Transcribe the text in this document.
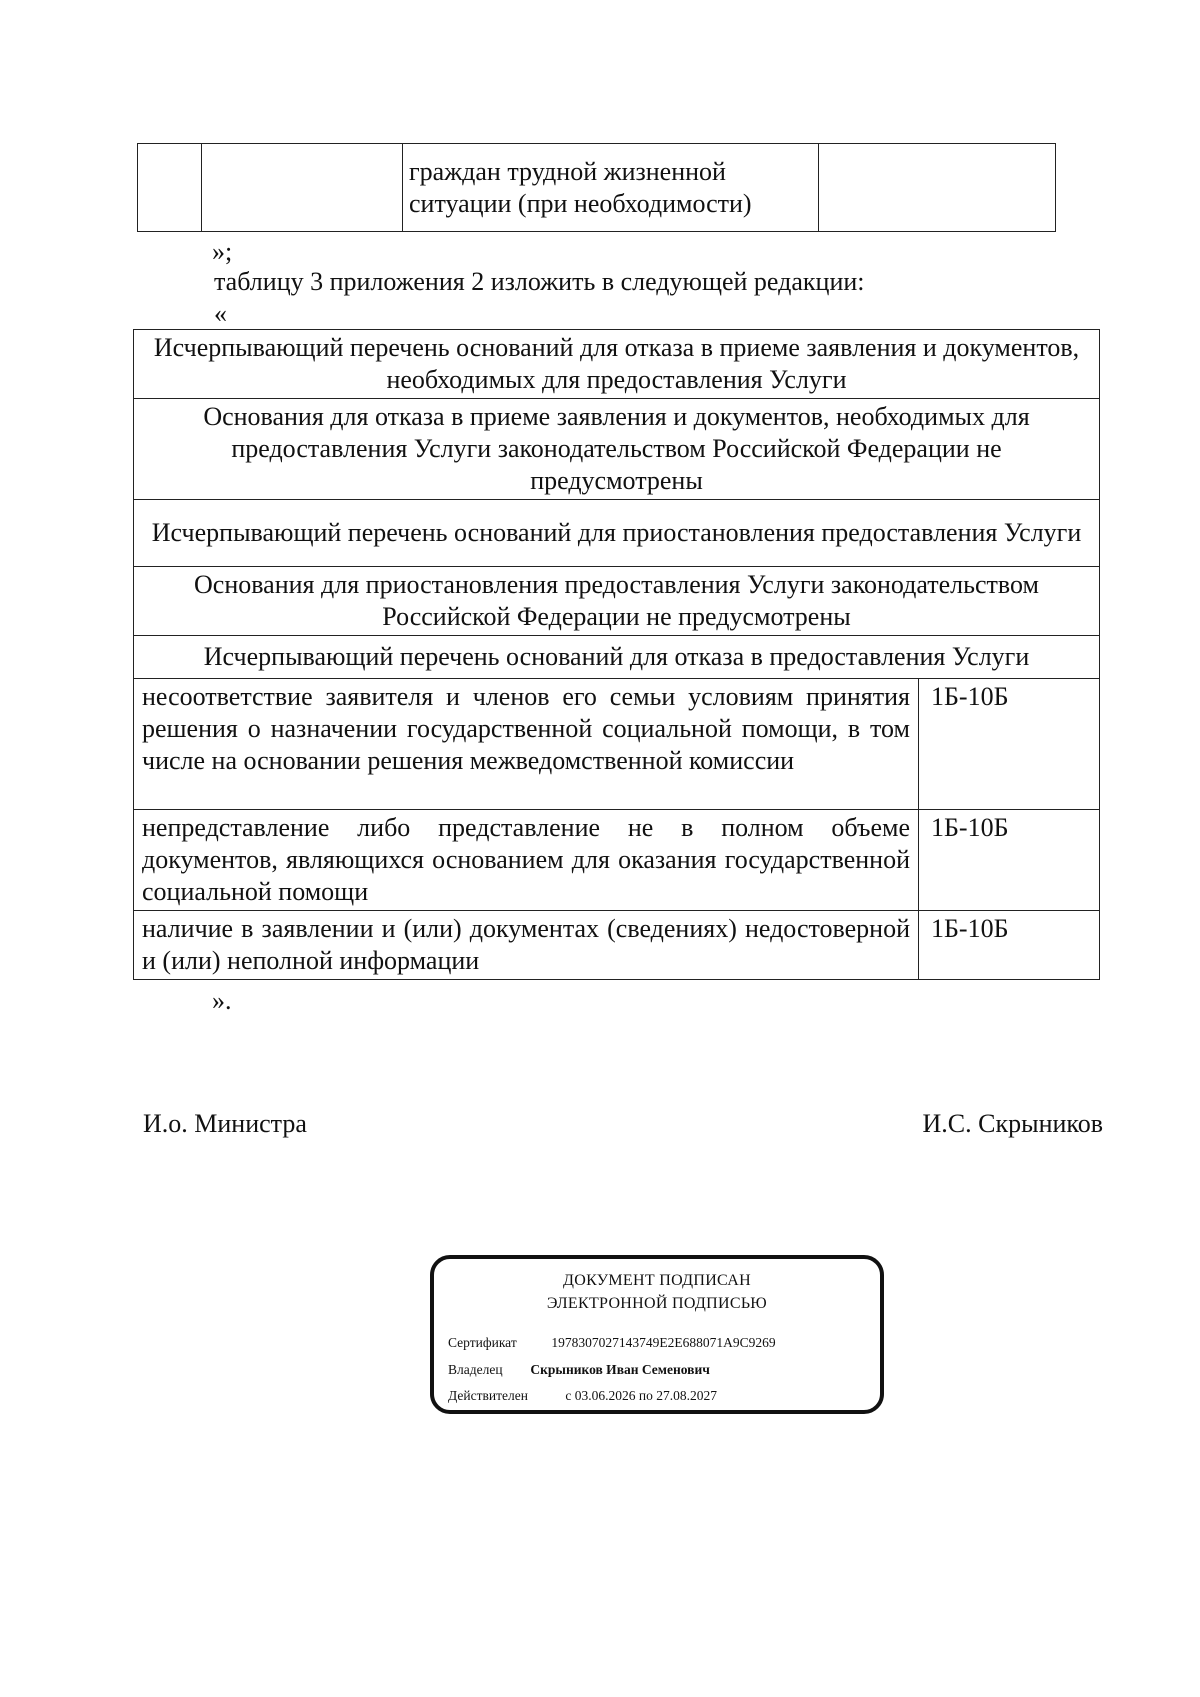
граждан трудной жизненной
ситуации (при необходимости)

»;
таблицу 3 приложения 2 изложить в следующей редакции:
«
Исчерпывающий перечень оснований для отказа в приеме заявления и документов, необходимых для предоставления Услуги	
Основания для отказа в приеме заявления и документов, необходимых для предоставления Услуги законодательством Российской Федерации не предусмотрены	
Исчерпывающий перечень оснований для приостановления предоставления Услуги	
Основания для приостановления предоставления Услуги законодательством Российской Федерации не предусмотрены	
Исчерпывающий перечень оснований для отказа в предоставления Услуги	
несоответствие заявителя и членов его семьи условиям принятия решения о назначении государственной социальной помощи, в том числе на основании решения межведомственной комиссии	1Б-10Б
непредставление либо представление не в полном объеме документов, являющихся основанием для оказания государственной социальной помощи	1Б-10Б
наличие в заявлении и (или) документах (сведениях) недостоверной и (или) неполной информации	1Б-10Б
».
И.о. Министра	И.С. Скрыников
ДОКУМЕНТ ПОДПИСАН
ЭЛЕКТРОННОЙ ПОДПИСЬЮ
Сертификат	1978307027143749E2E688071A9C9269
Владелец Скрыников Иван Семенович
Действителен	с 03.06.2026 по 27.08.2027
